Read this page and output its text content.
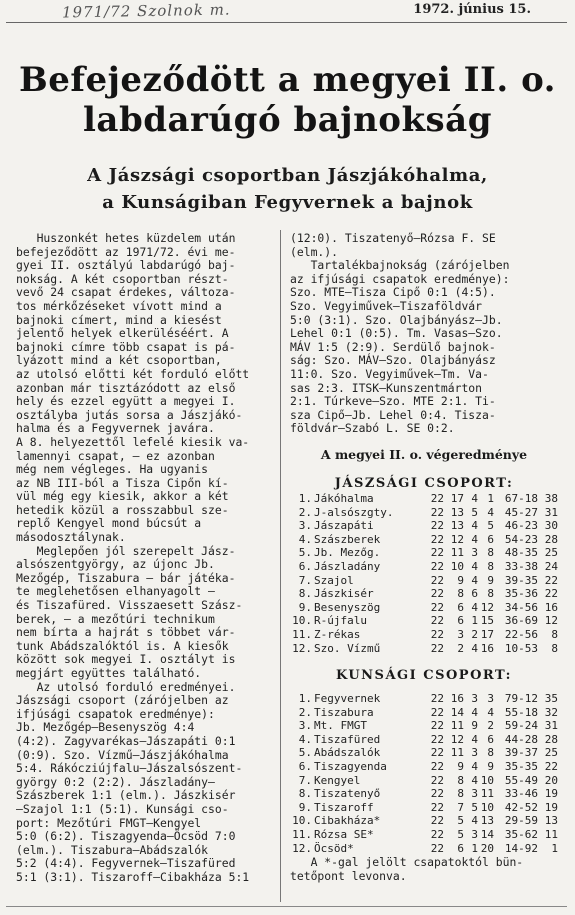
1971/72 Szolnok m.	1972. június 15.
Befejeződött a megyei II. o.
labdarúgó bajnokság
A Jászsági csoportban Jászjákóhalma,
a Kunságiban Fegyvernek a bajnok

Huszonkét hetes küzdelem után
befejeződött az 1971/72. évi me-
gyei II. osztályú labdarúgó baj-
nokság. A két csoportban részt-
vevő 24 csapat érdekes, változa-
tos mérkőzéseket vívott mind a
bajnoki címert, mind a kiesést
jelentő helyek elkerüléséért. A
bajnoki címre több csapat is pá-
lyázott mind a két csoportban,
az utolsó előtti két forduló előtt
azonban már tisztázódott az első
hely és ezzel együtt a megyei I.
osztályba jutás sorsa a Jászjákó-
halma és a Fegyvernek javára.
A 8. helyezettől lefelé kiesik va-
lamennyi csapat, — ez azonban
még nem végleges. Ha ugyanis
az NB III-ból a Tisza Cipőn kí-
vül még egy kiesik, akkor a két
hetedik közül a rosszabbul sze-
replő Kengyel mond búcsút a
másodosztálynak.
Meglepően jól szerepelt Jász-
alsószentgyörgy, az újonc Jb.
Mezőgép, Tiszabura — bár játéka-
te meglehetősen elhanyagolt —
és Tiszafüred. Visszaesett Szász-
berek, — a mezőtúri technikum
nem bírta a hajrát s többet vár-
tunk Abádszalóktól is. A kiesők
között sok megyei I. osztályt is
megjárt együttes található.
Az utolsó forduló eredményei.
Jászsági csoport (zárójelben az
ifjúsági csapatok eredménye):
Jb. Mezőgép—Besenyszög 4:4
(4:2). Zagyvarékas—Jászapáti 0:1
(0:9). Szo. Vízmű—Jászjákóhalma
5:4. Rákócziújfalu—Jászalsószent-
györgy 0:2 (2:2). Jászladány—
Szászberek 1:1 (elm.). Jászkisér
—Szajol 1:1 (5:1). Kunsági cso-
port: Mezőtúri FMGT—Kengyel
5:0 (6:2). Tiszagyenda—Öcsöd 7:0
(elm.). Tiszabura—Abádszalók
5:2 (4:4). Fegyvernek—Tiszafüred
5:1 (3:1). Tiszaroff—Cibakháza 5:1

(12:0). Tiszatenyő—Rózsa F. SE
(elm.).
Tartalékbajnokság (zárójelben
az ifjúsági csapatok eredménye):
Szo. MTE—Tisza Cipő 0:1 (4:5).
Szo. Vegyiművek—Tiszaföldvár
5:0 (3:1). Szo. Olajbányász—Jb.
Lehel 0:1 (0:5). Tm. Vasas—Szo.
MÁV 1:5 (2:9). Serdülő bajnok-
ság: Szo. MÁV—Szo. Olajbányász
11:0. Szo. Vegyiművek—Tm. Va-
sas 2:3. ITSK—Kunszentmárton
2:1. Túrkeve—Szo. MTE 2:1. Ti-
sza Cipő—Jb. Lehel 0:4. Tisza-
földvár—Szabó L. SE 0:2.

A megyei II. o. végeredménye
JÁSZSÁGI CSOPORT:
1.	Jákóhalma	22	17	4	1	67-18	38
2.	J-alsószgty.	22	13	5	4	45-27	31
3.	Jászapáti	22	13	4	5	46-23	30
4.	Szászberek	22	12	4	6	54-23	28
5.	Jb. Mezőg.	22	11	3	8	48-35	25
6.	Jászladány	22	10	4	8	33-38	24
7.	Szajol	22	9	4	9	39-35	22
8.	Jászkisér	22	8	6	8	35-36	22
9.	Besenyszög	22	6	4	12	34-56	16
10.	R-újfalu	22	6	1	15	36-69	12
11.	Z-rékas	22	3	2	17	22-56	8
12.	Szo. Vízmű	22	2	4	16	10-53	8
KUNSÁGI CSOPORT:
1.	Fegyvernek	22	16	3	3	79-12	35
2.	Tiszabura	22	14	4	4	55-18	32
3.	Mt. FMGT	22	11	9	2	59-24	31
4.	Tiszafüred	22	12	4	6	44-28	28
5.	Abádszalók	22	11	3	8	39-37	25
6.	Tiszagyenda	22	9	4	9	35-35	22
7.	Kengyel	22	8	4	10	55-49	20
8.	Tiszatenyő	22	8	3	11	33-46	19
9.	Tiszaroff	22	7	5	10	42-52	19
10.	Cibakháza*	22	5	4	13	29-59	13
11.	Rózsa SE*	22	5	3	14	35-62	11
12.	Öcsöd*	22	6	1	20	14-92	1

A *-gal jelölt csapatoktól bün-
tetőpont levonva.
